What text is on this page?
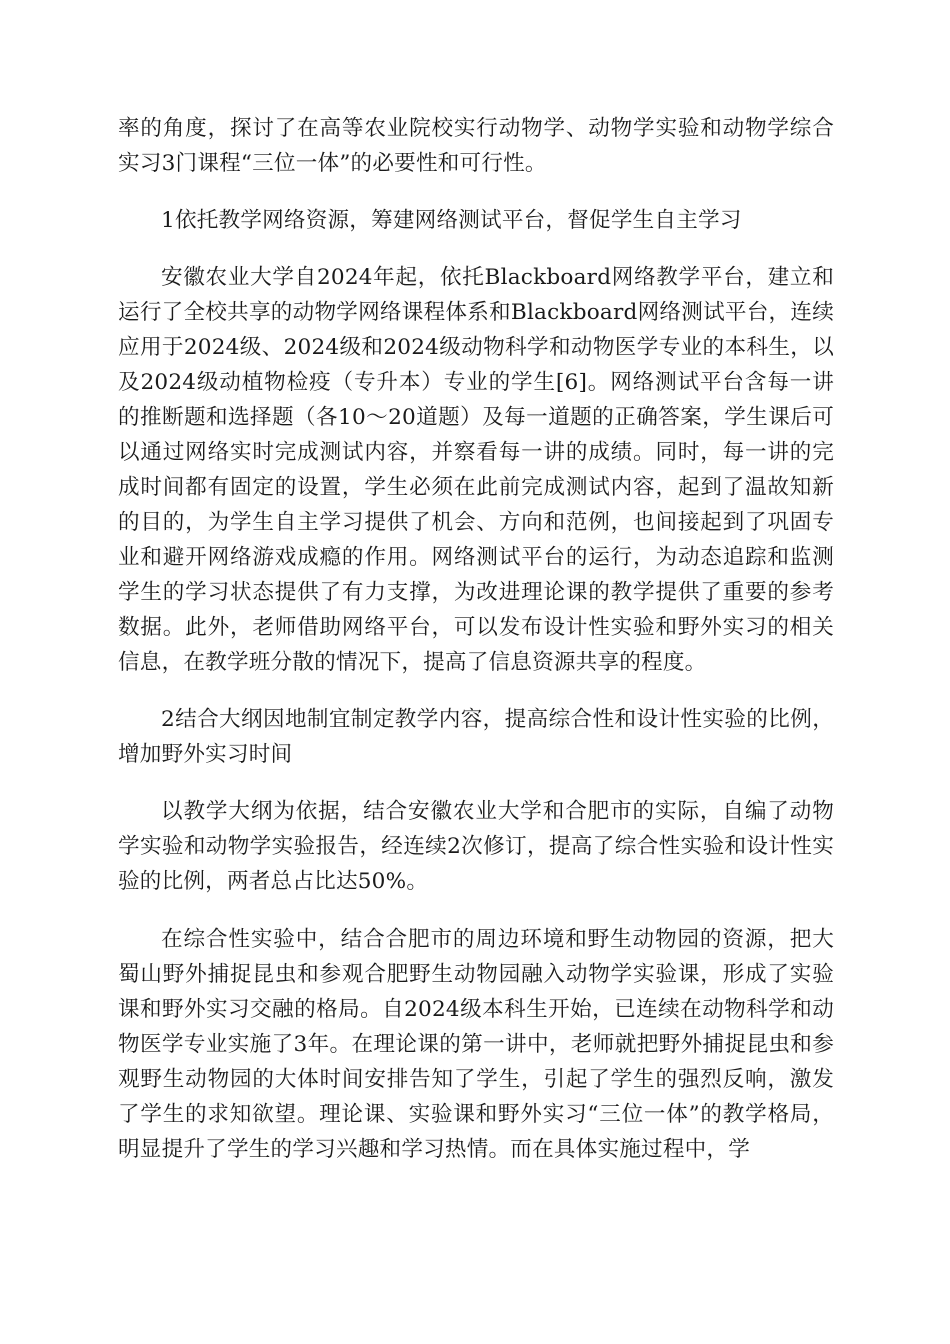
率的角度，探讨了在高等农业院校实行动物学、动物学实验和动物学综合实习3门课程“三位一体”的必要性和可行性。

1依托教学网络资源，筹建网络测试平台，督促学生自主学习

安徽农业大学自2024年起，依托Blackboard网络教学平台，建立和运行了全校共享的动物学网络课程体系和Blackboard网络测试平台，连续应用于2024级、2024级和2024级动物科学和动物医学专业的本科生，以及2024级动植物检疫（专升本）专业的学生[6]。网络测试平台含每一讲的推断题和选择题（各10～20道题）及每一道题的正确答案，学生课后可以通过网络实时完成测试内容，并察看每一讲的成绩。同时，每一讲的完成时间都有固定的设置，学生必须在此前完成测试内容，起到了温故知新的目的，为学生自主学习提供了机会、方向和范例，也间接起到了巩固专业和避开网络游戏成瘾的作用。网络测试平台的运行，为动态追踪和监测学生的学习状态提供了有力支撑，为改进理论课的教学提供了重要的参考数据。此外，老师借助网络平台，可以发布设计性实验和野外实习的相关信息，在教学班分散的情况下，提高了信息资源共享的程度。

2结合大纲因地制宜制定教学内容，提高综合性和设计性实验的比例，增加野外实习时间

以教学大纲为依据，结合安徽农业大学和合肥市的实际，自编了动物学实验和动物学实验报告，经连续2次修订，提高了综合性实验和设计性实验的比例，两者总占比达50%。

在综合性实验中，结合合肥市的周边环境和野生动物园的资源，把大蜀山野外捕捉昆虫和参观合肥野生动物园融入动物学实验课，形成了实验课和野外实习交融的格局。自2024级本科生开始，已连续在动物科学和动物医学专业实施了3年。在理论课的第一讲中，老师就把野外捕捉昆虫和参观野生动物园的大体时间安排告知了学生，引起了学生的强烈反响，激发了学生的求知欲望。理论课、实验课和野外实习“三位一体”的教学格局，明显提升了学生的学习兴趣和学习热情。而在具体实施过程中，学
